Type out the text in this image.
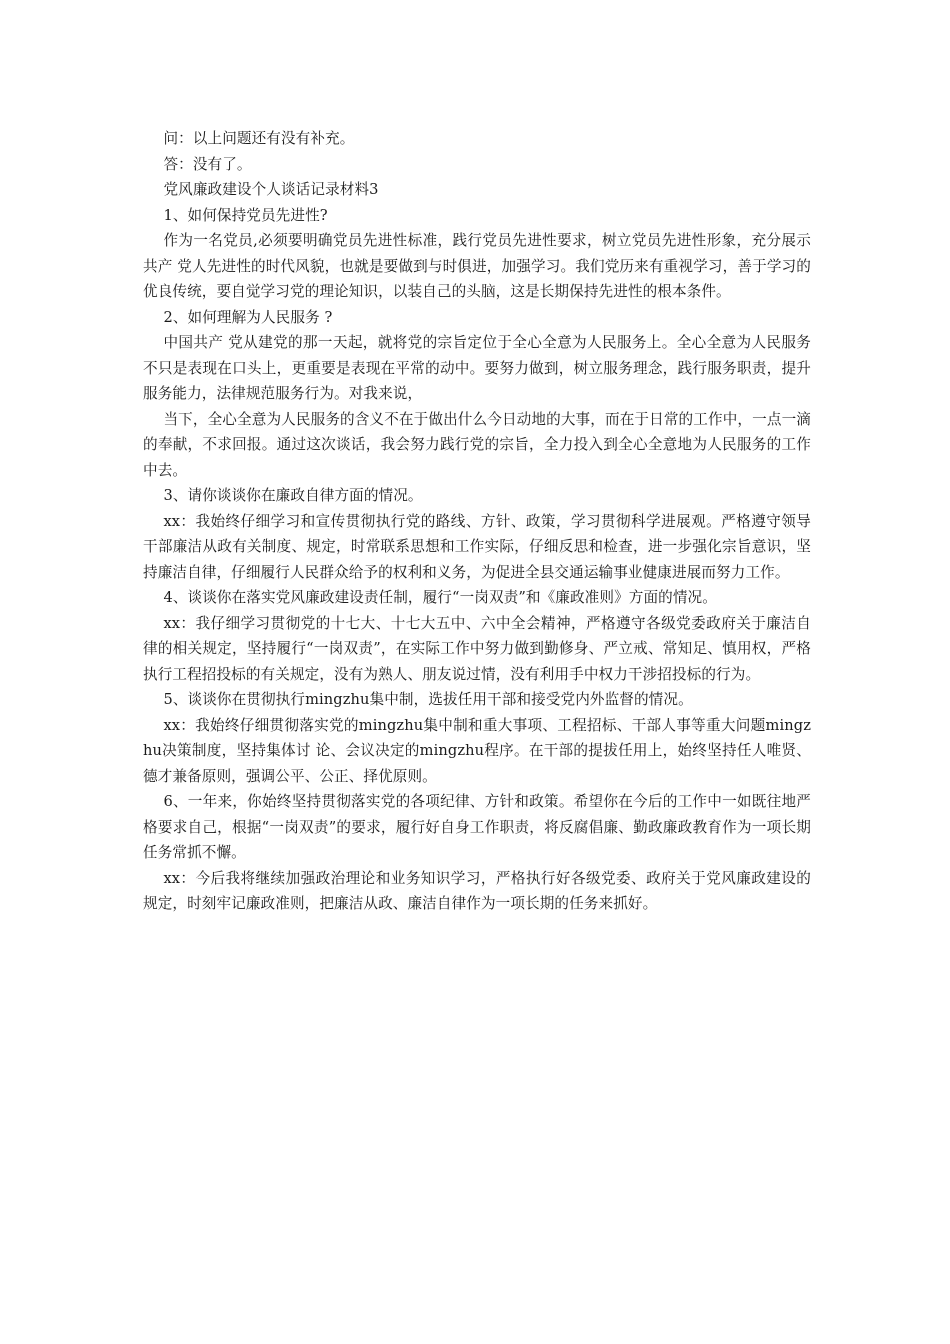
问：以上问题还有没有补充。

答：没有了。

党风廉政建设个人谈话记录材料3

1、如何保持党员先进性?

作为一名党员,必须要明确党员先进性标准，践行党员先进性要求，树立党员先进性形象，充分展示共产 党人先进性的时代风貌，也就是要做到与时俱进，加强学习。我们党历来有重视学习，善于学习的优良传统，要自觉学习党的理论知识，以装自己的头脑，这是长期保持先进性的根本条件。

2、如何理解为人民服务 ?

中国共产 党从建党的那一天起，就将党的宗旨定位于全心全意为人民服务上。全心全意为人民服务不只是表现在口头上，更重要是表现在平常的动中。要努力做到，树立服务理念，践行服务职责，提升服务能力，法律规范服务行为。对我来说，

当下，全心全意为人民服务的含义不在于做出什么今日动地的大事，而在于日常的工作中，一点一滴的奉献，不求回报。通过这次谈话，我会努力践行党的宗旨，全力投入到全心全意地为人民服务的工作中去。

3、请你谈谈你在廉政自律方面的情况。

xx：我始终仔细学习和宣传贯彻执行党的路线、方针、政策，学习贯彻科学进展观。严格遵守领导干部廉洁从政有关制度、规定，时常联系思想和工作实际，仔细反思和检查，进一步强化宗旨意识，坚持廉洁自律，仔细履行人民群众给予的权利和义务，为促进全县交通运输事业健康进展而努力工作。

4、谈谈你在落实党风廉政建设责任制，履行“一岗双责”和《廉政准则》方面的情况。

xx：我仔细学习贯彻党的十七大、十七大五中、六中全会精神，严格遵守各级党委政府关于廉洁自律的相关规定，坚持履行“一岗双责”，在实际工作中努力做到勤修身、严立戒、常知足、慎用权，严格执行工程招投标的有关规定，没有为熟人、朋友说过情，没有利用手中权力干涉招投标的行为。

5、谈谈你在贯彻执行mingzhu集中制，选拔任用干部和接受党内外监督的情况。

xx：我始终仔细贯彻落实党的mingzhu集中制和重大事项、工程招标、干部人事等重大问题mingzhu决策制度，坚持集体讨 论、会议决定的mingzhu程序。在干部的提拔任用上，始终坚持任人唯贤、德才兼备原则，强调公平、公正、择优原则。

6、一年来，你始终坚持贯彻落实党的各项纪律、方针和政策。希望你在今后的工作中一如既往地严格要求自己，根据“一岗双责”的要求，履行好自身工作职责，将反腐倡廉、勤政廉政教育作为一项长期任务常抓不懈。

xx：今后我将继续加强政治理论和业务知识学习，严格执行好各级党委、政府关于党风廉政建设的规定，时刻牢记廉政准则，把廉洁从政、廉洁自律作为一项长期的任务来抓好。
